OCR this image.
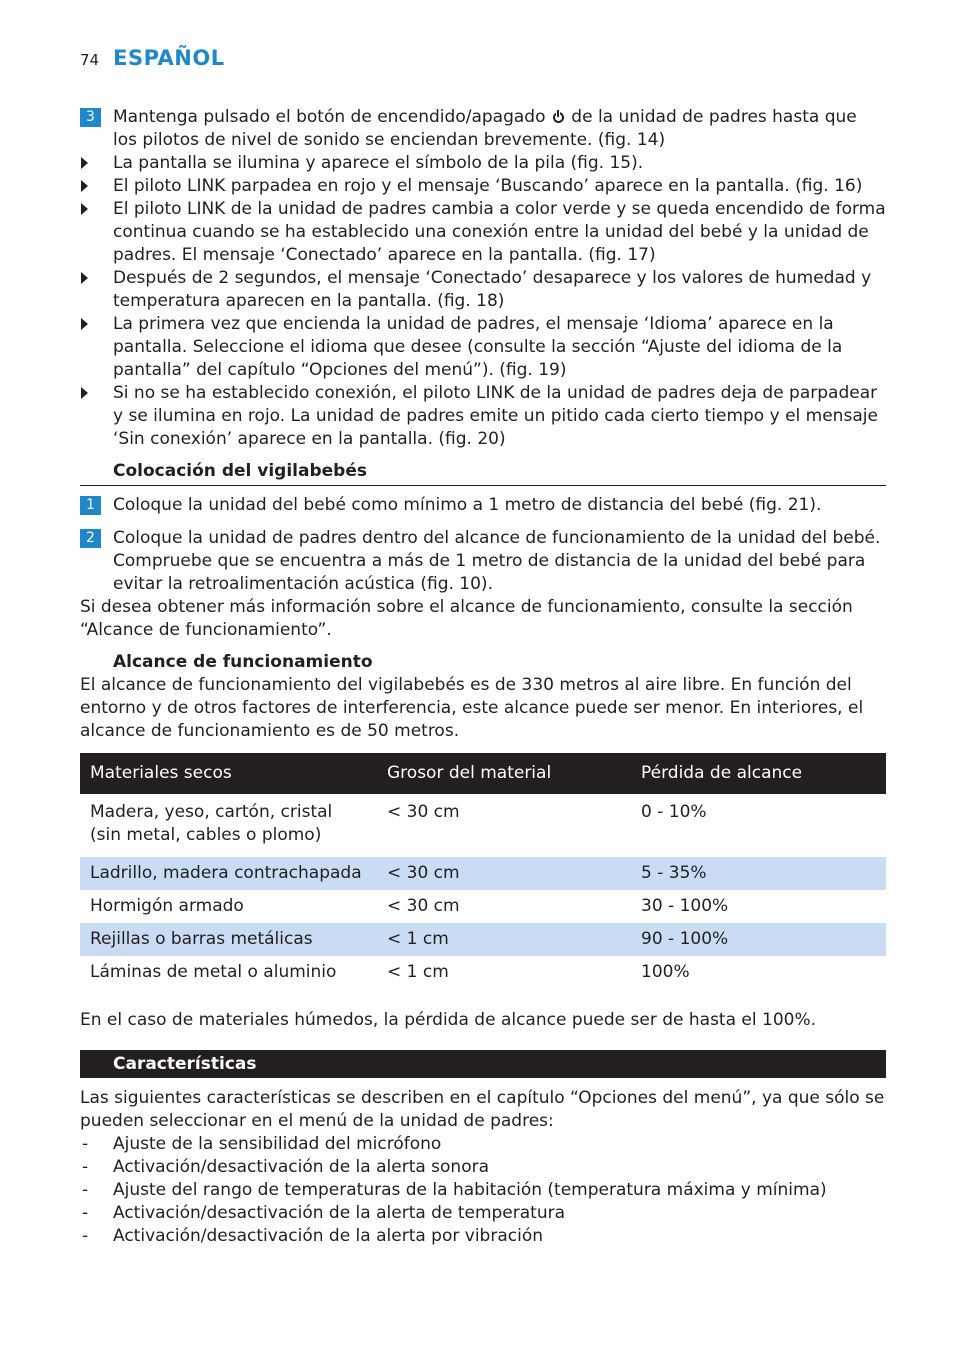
74 ESPAÑOL
3	Mantenga pulsado el botón de encendido/apagado de la unidad de padres hasta que los pilotos de nivel de sonido se enciendan brevemente. (fig. 14)
La pantalla se ilumina y aparece el símbolo de la pila (fig. 15).
El piloto LINK parpadea en rojo y el mensaje ‘Buscando’ aparece en la pantalla. (fig. 16)
El piloto LINK de la unidad de padres cambia a color verde y se queda encendido de forma continua cuando se ha establecido una conexión entre la unidad del bebé y la unidad de padres. El mensaje ‘Conectado’ aparece en la pantalla. (fig. 17)
Después de 2 segundos, el mensaje ‘Conectado’ desaparece y los valores de humedad y temperatura aparecen en la pantalla. (fig. 18)
La primera vez que encienda la unidad de padres, el mensaje ‘Idioma’ aparece en la pantalla. Seleccione el idioma que desee (consulte la sección “Ajuste del idioma de la pantalla” del capítulo “Opciones del menú”). (fig. 19)
Si no se ha establecido conexión, el piloto LINK de la unidad de padres deja de parpadear y se ilumina en rojo. La unidad de padres emite un pitido cada cierto tiempo y el mensaje ‘Sin conexión’ aparece en la pantalla. (fig. 20)
Colocación del vigilabebés
1	Coloque la unidad del bebé como mínimo a 1 metro de distancia del bebé (fig. 21).
2	Coloque la unidad de padres dentro del alcance de funcionamiento de la unidad del bebé. Compruebe que se encuentra a más de 1 metro de distancia de la unidad del bebé para evitar la retroalimentación acústica (fig. 10).

Si desea obtener más información sobre el alcance de funcionamiento, consulte la sección “Alcance de funcionamiento”.

Alcance de funcionamiento

El alcance de funcionamiento del vigilabebés es de 330 metros al aire libre. En función del entorno y de otros factores de interferencia, este alcance puede ser menor. En interiores, el alcance de funcionamiento es de 50 metros.

Materiales secos	Grosor del material	Pérdida de alcance
Madera, yeso, cartón, cristal (sin metal, cables o plomo)	< 30 cm	0 - 10%
Ladrillo, madera contrachapada	< 30 cm	5 - 35%
Hormigón armado	< 30 cm	30 - 100%
Rejillas o barras metálicas	< 1 cm	90 - 100%
Láminas de metal o aluminio	< 1 cm	100%

En el caso de materiales húmedos, la pérdida de alcance puede ser de hasta el 100%.

Características

Las siguientes características se describen en el capítulo “Opciones del menú”, ya que sólo se pueden seleccionar en el menú de la unidad de padres:

- Ajuste de la sensibilidad del micrófono
- Activación/desactivación de la alerta sonora
- Ajuste del rango de temperaturas de la habitación (temperatura máxima y mínima)
- Activación/desactivación de la alerta de temperatura
- Activación/desactivación de la alerta por vibración
